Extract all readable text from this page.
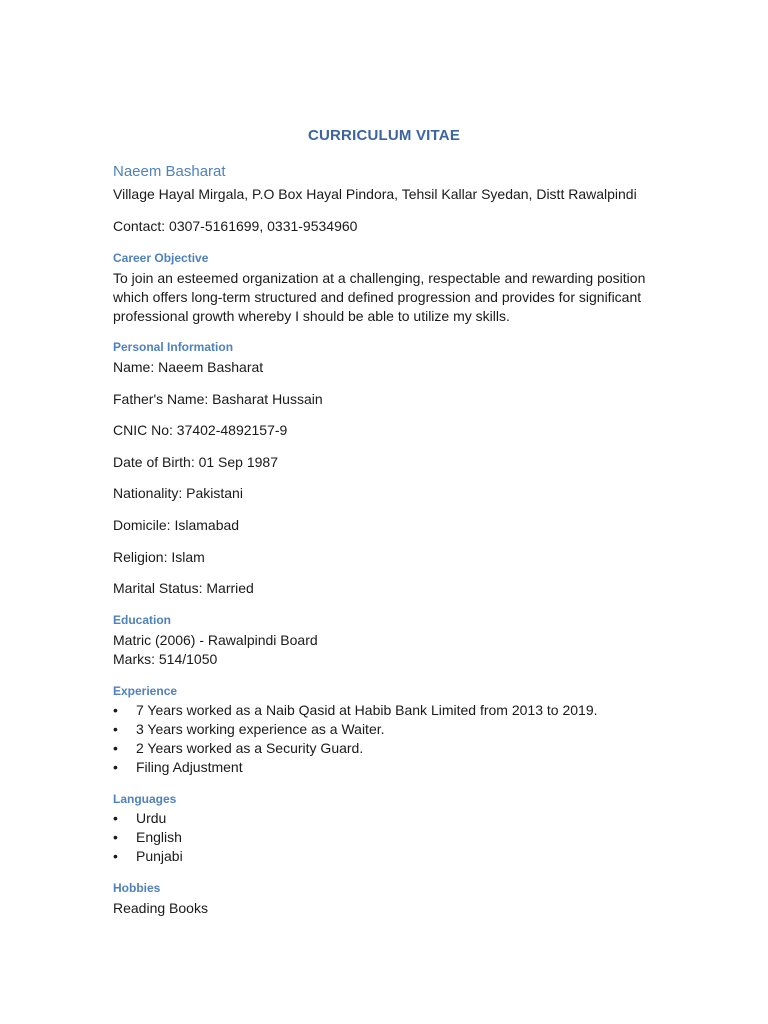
CURRICULUM VITAE
Naeem Basharat
Village Hayal Mirgala, P.O Box Hayal Pindora, Tehsil Kallar Syedan, Distt Rawalpindi
Contact: 0307-5161699, 0331-9534960
Career Objective
To join an esteemed organization at a challenging, respectable and rewarding position which offers long-term structured and defined progression and provides for significant professional growth whereby I should be able to utilize my skills.
Personal Information
Name: Naeem Basharat
Father's Name: Basharat Hussain
CNIC No: 37402-4892157-9
Date of Birth: 01 Sep 1987
Nationality: Pakistani
Domicile: Islamabad
Religion: Islam
Marital Status: Married
Education
Matric (2006) - Rawalpindi Board
Marks: 514/1050
Experience
•	7 Years worked as a Naib Qasid at Habib Bank Limited from 2013 to 2019.
•	3 Years working experience as a Waiter.
•	2 Years worked as a Security Guard.
•	Filing Adjustment
Languages
•	Urdu
•	English
•	Punjabi
Hobbies
Reading Books
